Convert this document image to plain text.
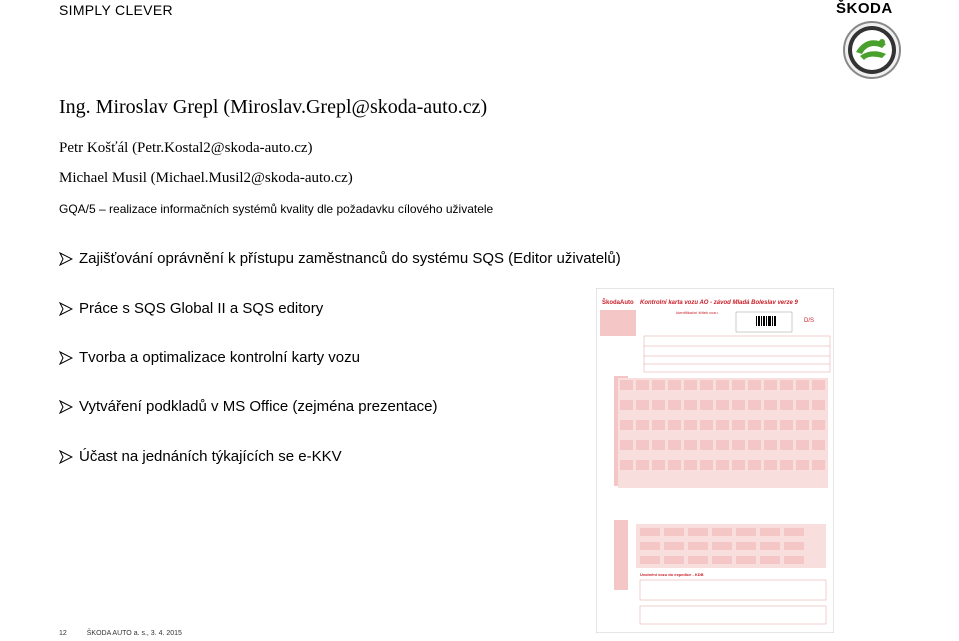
SIMPLY CLEVER	ŠKODA
Ing. Miroslav Grepl (Miroslav.Grepl@skoda-auto.cz)
Petr Košťál (Petr.Kostal2@skoda-auto.cz)
Michael Musil (Michael.Musil2@skoda-auto.cz)
GQA/5 – realizace informačních systémů kvality dle požadavku cílového uživatele
Zajišťování oprávnění k přístupu zaměstnanců do systému SQS (Editor uživatelů)
Práce s SQS Global II a SQS editory
Tvorba a optimalizace kontrolní karty vozu
Vytváření podkladů v MS Office (zejména prezentace)
Účast na jednáních týkajících se e-KKV
ŠkodaAuto Kontrolní karta vozu AO - závod Mladá Boleslav verze 9
Identifikační štítek vozu
D/S
Uvolnění vozu do expedice - KDB
12	ŠKODA AUTO a. s., 3. 4. 2015
